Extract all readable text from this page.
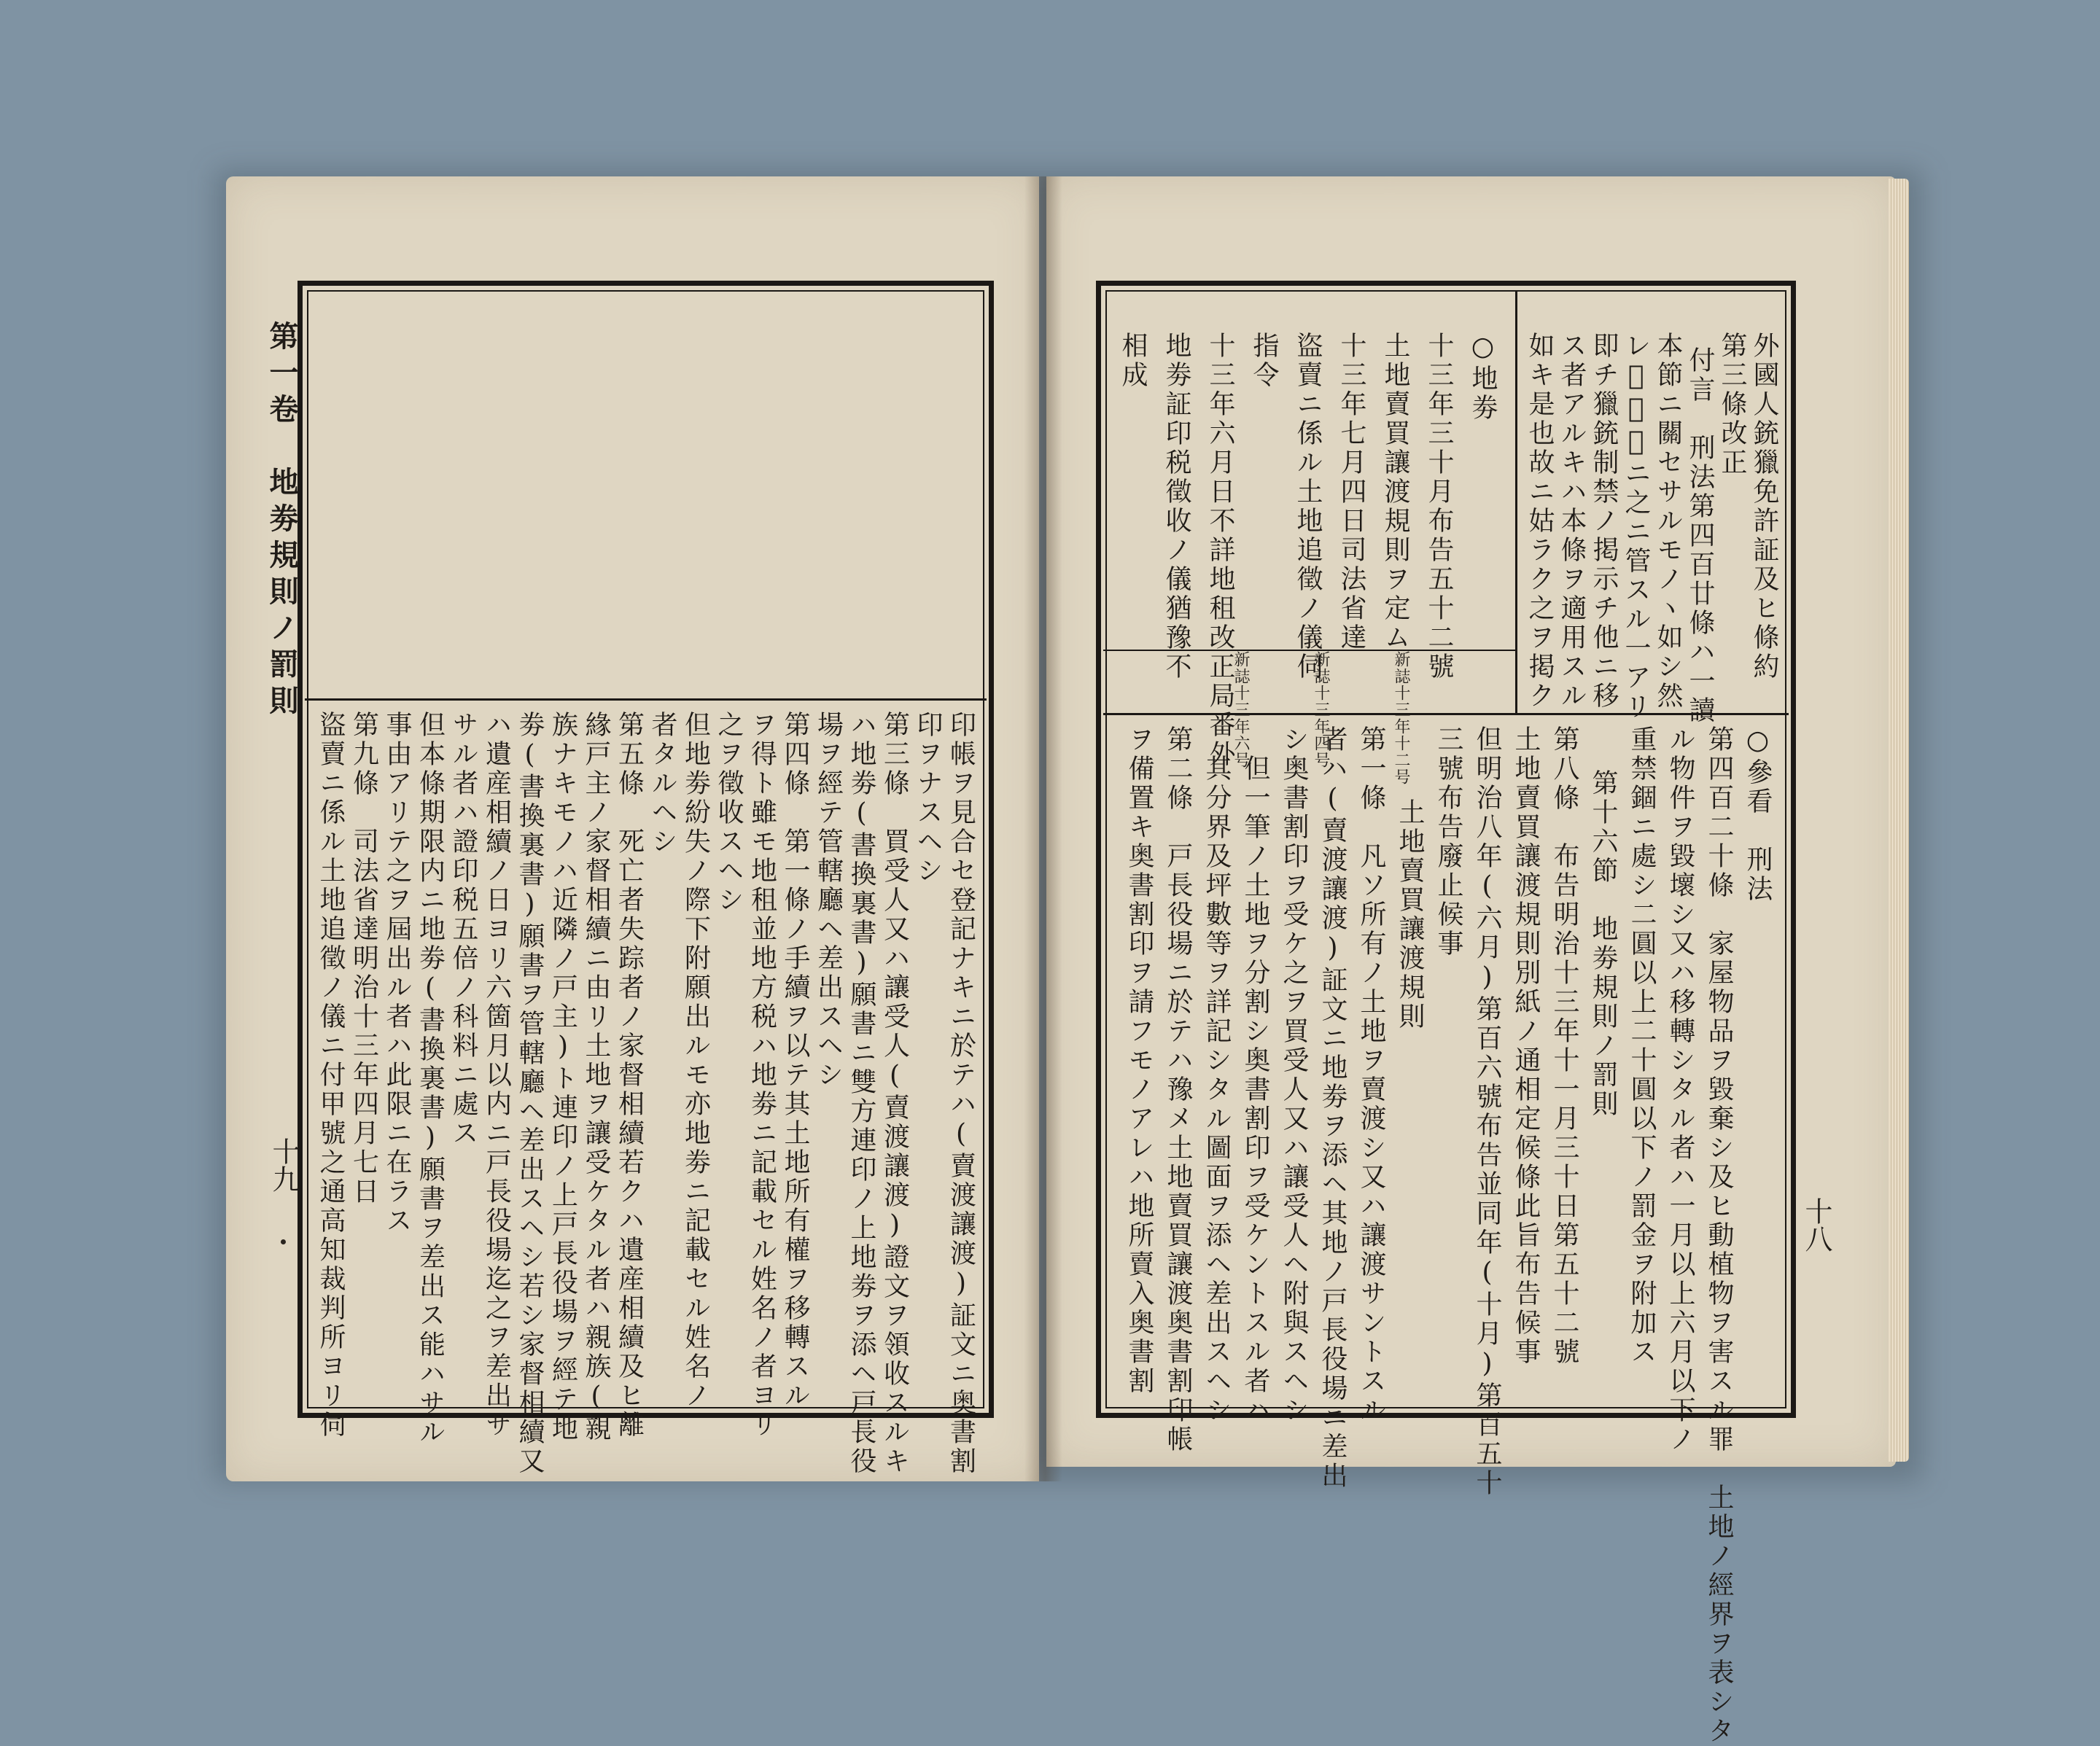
第一卷　地劵規則ノ罰則
十九	印帳ヲ見合セ登記ナキニ於テハ(賣渡讓渡)証文ニ奥書割
印ヲナスヘシ
第三條　買受人又ハ讓受人(賣渡讓渡)證文ヲ領收スルキ
ハ地劵(書換裏書)願書ニ雙方連印ノ上地劵ヲ添ヘ戸長役
場ヲ經テ管轄廳ヘ差出スヘシ
第四條　第一條ノ手續ヲ以テ其土地所有權ヲ移轉スル
ヲ得ト雖モ地租並地方税ハ地劵ニ記載セル姓名ノ者ヨリ
之ヲ徵收スヘシ
但地劵紛失ノ際下附願出ルモ亦地劵ニ記載セル姓名ノ
者タルヘシ
第五條　死亡者失踪者ノ家督相續若クハ遺産相續及ヒ離
緣戸主ノ家督相續ニ由リ土地ヲ讓受ケタル者ハ親族(親
族ナキモノハ近隣ノ戸主)ト連印ノ上戸長役場ヲ經テ地
劵(書換裏書)願書ヲ管轄廳ヘ差出スヘシ若シ家督相續又
ハ遺産相續ノ日ヨリ六箇月以内ニ戸長役場迄之ヲ差出サ
サル者ハ證印税五倍ノ科料ニ處ス
但本條期限内ニ地劵(書換裏書)願書ヲ差出ス能ハサル
事由アリテ之ヲ屆出ル者ハ此限ニ在ラス
第九條　司法省達明治十三年四月七日
盜賣ニ係ル土地追徵ノ儀ニ付甲號之通高知裁判所ヨリ伺	十八
外國人銃獵免許証及ヒ條約
第三條改正
付言　刑法第四百廿條ハ一讀
本節ニ關セサルモノヽ如シ然
レ𪜈間接ニ之ニ管スル⼀アリ
即チ獵銃制禁ノ掲示チ他ニ移
ス者アルキハ本條ヲ適用スル
如キ是也故ニ姑ラク之ヲ掲ク
○地劵
十三年三十月布告五十二號
土地賣買讓渡規則ヲ定ム
十三年七月四日司法省達
盜賣ニ係ル土地追徵ノ儀伺
指令
十三年六月日不詳地租改正局番外
地劵証印税徵收ノ儀猶豫不
相成
新誌十三年十二号
新誌十三年四号
新誌十三年六号
○參看　刑法
第四百二十條　家屋物品ヲ毀棄シ及ヒ動植物ヲ害スル罪　土地ノ經界ヲ表シタ
ル物件ヲ毀壞シ又ハ移轉シタル者ハ一月以上六月以下ノ
重禁錮ニ處シ二圓以上二十圓以下ノ罰金ヲ附加ス
第十六節　地劵規則ノ罰則
第八條　布告明治十三年十一月三十日第五十二號
土地賣買讓渡規則別紙ノ通相定候條此旨布告候事
但明治八年(六月)第百六號布告並同年(十月)第百五十
三號布告廢止候事
土地賣買讓渡規則
第一條　凡ソ所有ノ土地ヲ賣渡シ又ハ讓渡サントスル
者ハ(賣渡讓渡)証文ニ地劵ヲ添ヘ其地ノ戸長役場ニ差出
シ奥書割印ヲ受ケ之ヲ買受人又ハ讓受人ヘ附與スヘシ
但一筆ノ土地ヲ分割シ奥書割印ヲ受ケントスル者ハ
其分界及坪數等ヲ詳記シタル圖面ヲ添ヘ差出スヘシ
第二條　戸長役場ニ於テハ豫メ土地賣買讓渡奥書割印帳
ヲ備置キ奥書割印ヲ請フモノアレハ地所賣入奥書割
